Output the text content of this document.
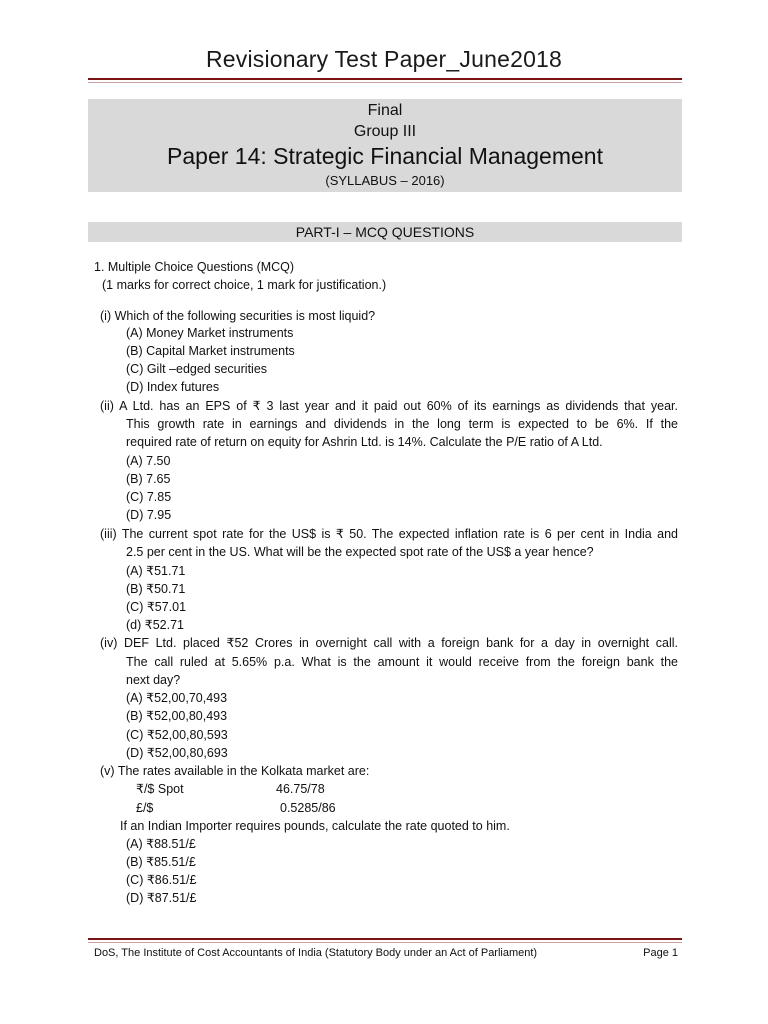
Revisionary Test Paper_June2018
Final
Group III
Paper 14: Strategic Financial Management
(SYLLABUS – 2016)
PART-I – MCQ QUESTIONS
1. Multiple Choice Questions (MCQ)
(1 marks for correct choice, 1 mark for justification.)
(i) Which of the following securities is most liquid?
(A) Money Market instruments
(B) Capital Market instruments
(C) Gilt –edged securities
(D) Index futures
(ii) A Ltd. has an EPS of ₹ 3 last year and it paid out 60% of its earnings as dividends that year.
This growth rate in earnings and dividends in the long term is expected to be 6%. If the
required rate of return on equity for Ashrin Ltd. is 14%. Calculate the P/E ratio of A Ltd.
(A) 7.50
(B) 7.65
(C) 7.85
(D) 7.95
(iii) The current spot rate for the US$ is ₹ 50. The expected inflation rate is 6 per cent in India and
2.5 per cent in the US. What will be the expected spot rate of the US$ a year hence?
(A) ₹51.71
(B) ₹50.71
(C) ₹57.01
(d) ₹52.71
(iv) DEF Ltd. placed ₹52 Crores in overnight call with a foreign bank for a day in overnight call.
The call ruled at 5.65% p.a. What is the amount it would receive from the foreign bank the
next day?
(A) ₹52,00,70,493
(B) ₹52,00,80,493
(C) ₹52,00,80,593
(D) ₹52,00,80,693
(v) The rates available in the Kolkata market are:
₹/$ Spot	46.75/78
£/$	0.5285/86
If an Indian Importer requires pounds, calculate the rate quoted to him.
(A) ₹88.51/£
(B) ₹85.51/£
(C) ₹86.51/£
(D) ₹87.51/£
DoS, The Institute of Cost Accountants of India (Statutory Body under an Act of Parliament)	Page 1
